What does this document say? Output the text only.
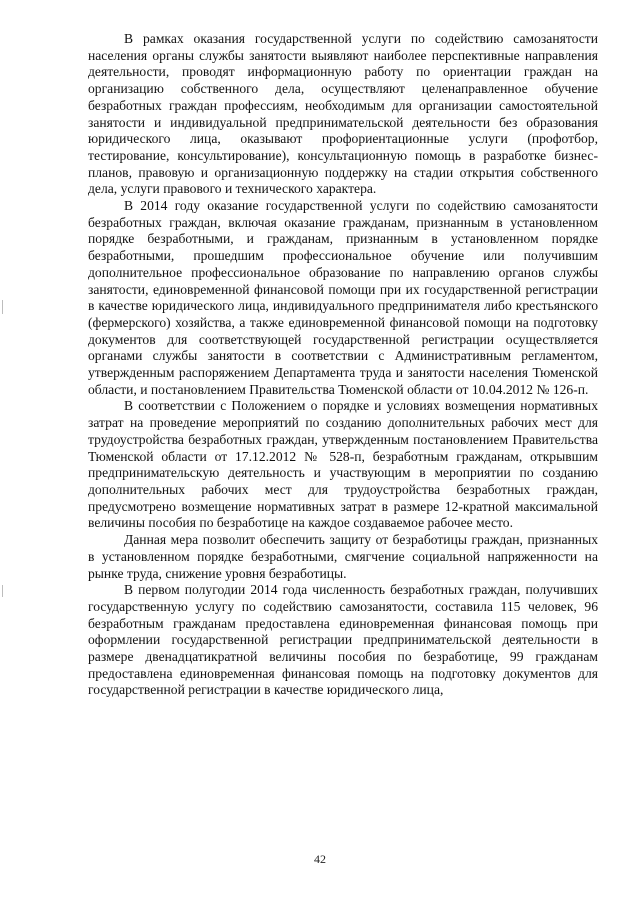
В рамках оказания государственной услуги по содействию самозанятости населения органы службы занятости выявляют наиболее перспективные направления деятельности, проводят информационную работу по ориентации граждан на организацию собственного дела, осуществляют целенаправленное обучение безработных граждан профессиям, необходимым для организации самостоятельной занятости и индивидуальной предпринимательской деятельности без образования юридического лица, оказывают профориентационные услуги (профотбор, тестирование, консультирование), консультационную помощь в разработке бизнес-планов, правовую и организационную поддержку на стадии открытия собственного дела, услуги правового и технического характера.

В 2014 году оказание государственной услуги по содействию самозанятости безработных граждан, включая оказание гражданам, признанным в установленном порядке безработными, и гражданам, признанным в установленном порядке безработными, прошедшим профессиональное обучение или получившим дополнительное профессиональное образование по направлению органов службы занятости, единовременной финансовой помощи при их государственной регистрации в качестве юридического лица, индивидуального предпринимателя либо крестьянского (фермерского) хозяйства, а также единовременной финансовой помощи на подготовку документов для соответствующей государственной регистрации осуществляется органами службы занятости в соответствии с Административным регламентом, утвержденным распоряжением Департамента труда и занятости населения Тюменской области, и постановлением Правительства Тюменской области от 10.04.2012 № 126-п.

В соответствии с Положением о порядке и условиях возмещения нормативных затрат на проведение мероприятий по созданию дополнительных рабочих мест для трудоустройства безработных граждан, утвержденным постановлением Правительства Тюменской области от 17.12.2012 № 528-п, безработным гражданам, открывшим предпринимательскую деятельность и участвующим в мероприятии по созданию дополнительных рабочих мест для трудоустройства безработных граждан, предусмотрено возмещение нормативных затрат в размере 12-кратной максимальной величины пособия по безработице на каждое создаваемое рабочее место.

Данная мера позволит обеспечить защиту от безработицы граждан, признанных в установленном порядке безработными, смягчение социальной напряженности на рынке труда, снижение уровня безработицы.

В первом полугодии 2014 года численность безработных граждан, получивших государственную услугу по содействию самозанятости, составила 115 человек, 96 безработным гражданам предоставлена единовременная финансовая помощь при оформлении государственной регистрации предпринимательской деятельности в размере двенадцатикратной величины пособия по безработице, 99 гражданам предоставлена единовременная финансовая помощь на подготовку документов для государственной регистрации в качестве юридического лица,

42
